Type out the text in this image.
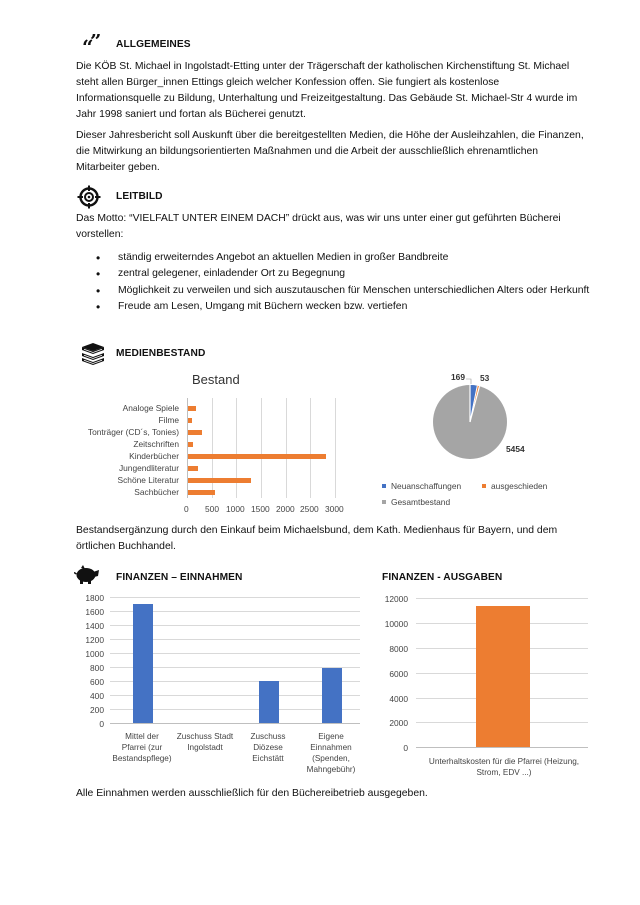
“
” ALLGEMEINES
Die KÖB St. Michael in Ingolstadt-Etting unter der Trägerschaft der katholischen Kirchenstiftung St. Michael
steht allen Bürger_innen Ettings gleich welcher Konfession offen. Sie fungiert als kostenlose
Informationsquelle zu Bildung, Unterhaltung und Freizeitgestaltung. Das Gebäude St. Michael-Str 4 wurde im
Jahr 1998 saniert und fortan als Bücherei genutzt.
Dieser Jahresbericht soll Auskunft über die bereitgestellten Medien, die Höhe der Ausleihzahlen, die Finanzen,
die Mitwirkung an bildungsorientierten Maßnahmen und die Arbeit der ausschließlich ehrenamtlichen
Mitarbeiter geben.
LEITBILD
Das Motto: “VIELFALT UNTER EINEM DACH” drückt aus, was wir uns unter einer gut geführten Bücherei
vorstellen:
• ständig erweiterndes Angebot an aktuellen Medien in großer Bandbreite
• zentral gelegener, einladender Ort zu Begegnung
• Möglichkeit zu verweilen und sich auszutauschen für Menschen unterschiedlichen Alters oder Herkunft
• Freude am Lesen, Umgang mit Büchern wecken bzw. vertiefen
MEDIENBESTAND
Bestand
Analoge Spiele
Filme
Tonträger (CD´s, Tonies)
Zeitschriften
Kinderbücher
Jungendliteratur
Schöne Literatur
Sachbücher
0 500 1000 1500 2000 2500 3000
169 53
5454
Neuanschaffungen	ausgeschieden
Gesamtbestand
Bestandsergänzung durch den Einkauf beim Michaelsbund, dem Kath. Medienhaus für Bayern, und dem
örtlichen Buchhandel.
FINANZEN – EINNAHMEN	FINANZEN - AUSGABEN
0
200
400
600
800
1000
1200
1400
1600
1800
Mittel der
Pfarrei (zur
Bestandspflege)
Zuschuss Stadt
Ingolstadt
Zuschuss
Diözese
Eichstätt
Eigene
Einnahmen
(Spenden,
Mahngebühr)
0
2000
4000
6000
8000
10000
12000
Unterhaltskosten für die Pfarrei (Heizung,
Strom, EDV ...)
Alle Einnahmen werden ausschließlich für den Büchereibetrieb ausgegeben.
